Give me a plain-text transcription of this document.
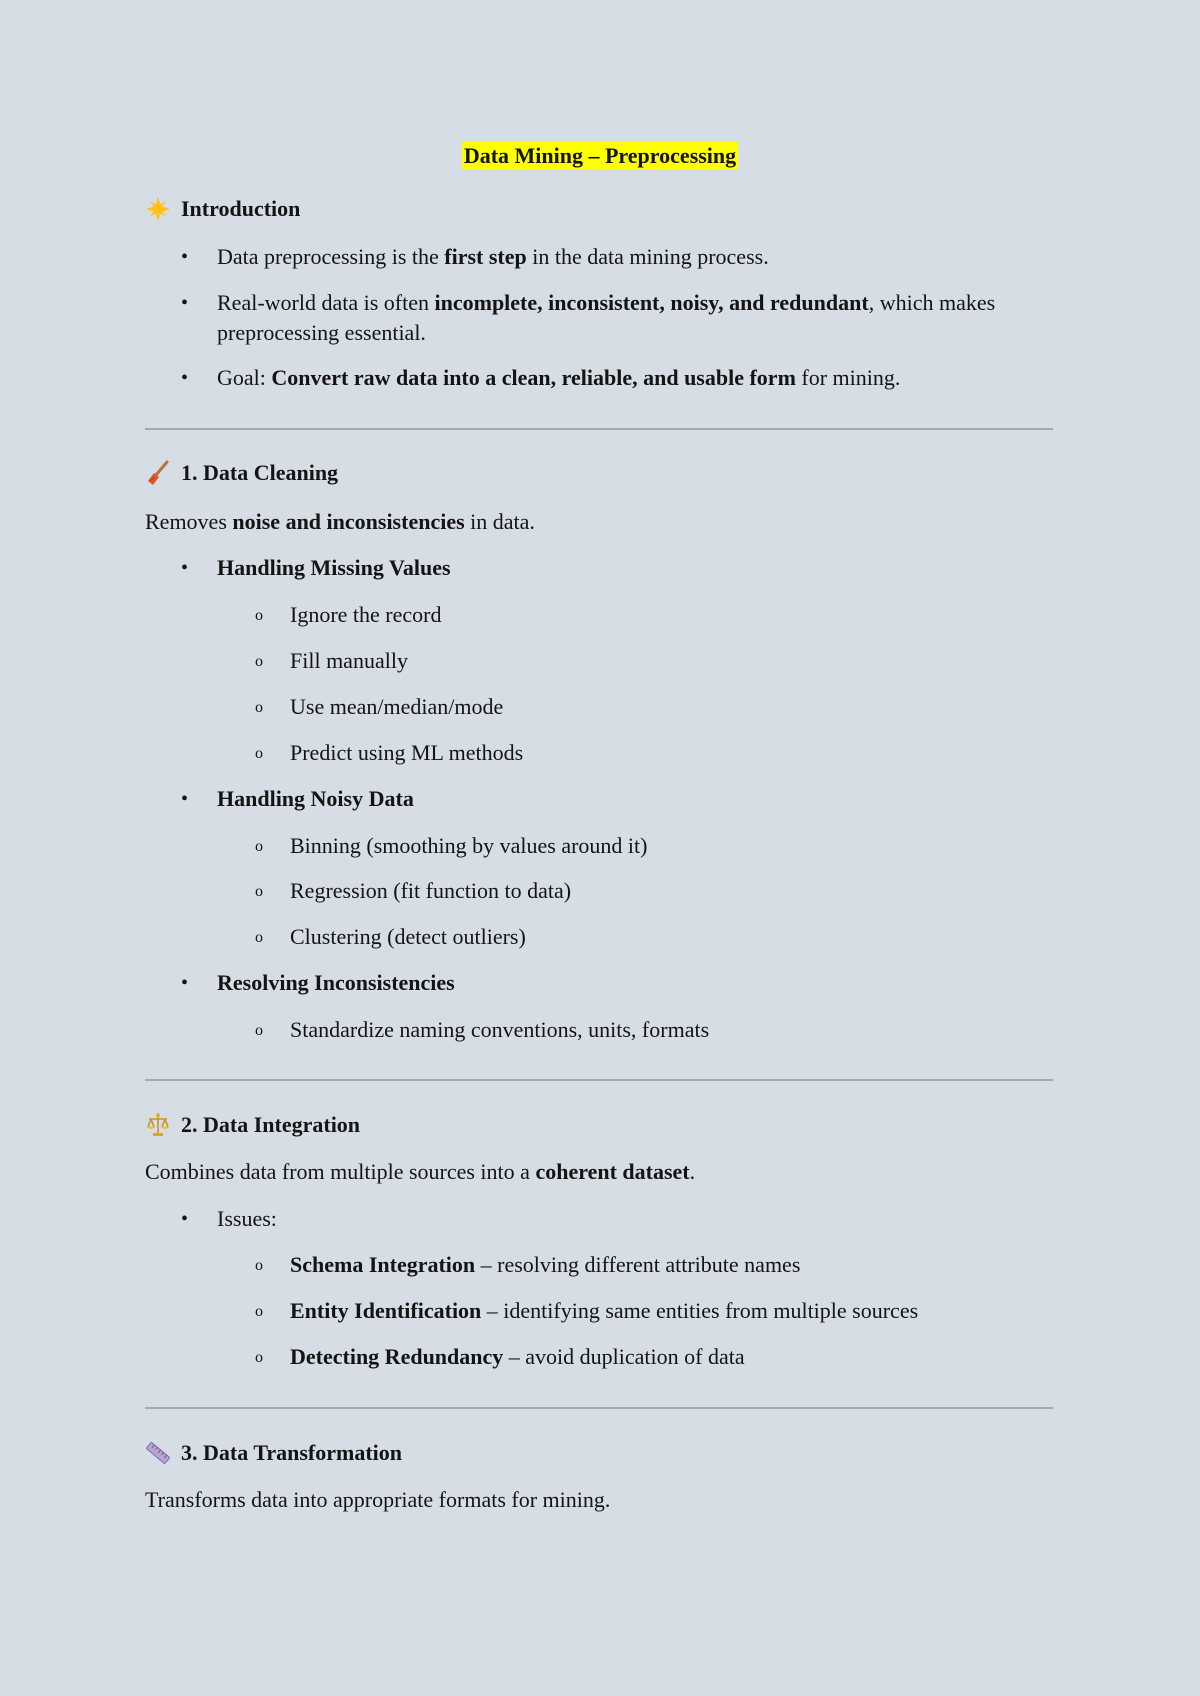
Data Mining – Preprocessing
Introduction
• Data preprocessing is the first step in the data mining process.
• Real-world data is often incomplete, inconsistent, noisy, and redundant, which makes preprocessing essential.
• Goal: Convert raw data into a clean, reliable, and usable form for mining.
1. Data Cleaning
Removes noise and inconsistencies in data.
• Handling Missing Values
o Ignore the record
o Fill manually
o Use mean/median/mode
o Predict using ML methods
• Handling Noisy Data
o Binning (smoothing by values around it)
o Regression (fit function to data)
o Clustering (detect outliers)
• Resolving Inconsistencies
o Standardize naming conventions, units, formats
2. Data Integration
Combines data from multiple sources into a coherent dataset.
• Issues:
o Schema Integration – resolving different attribute names
o Entity Identification – identifying same entities from multiple sources
o Detecting Redundancy – avoid duplication of data
3. Data Transformation
Transforms data into appropriate formats for mining.
